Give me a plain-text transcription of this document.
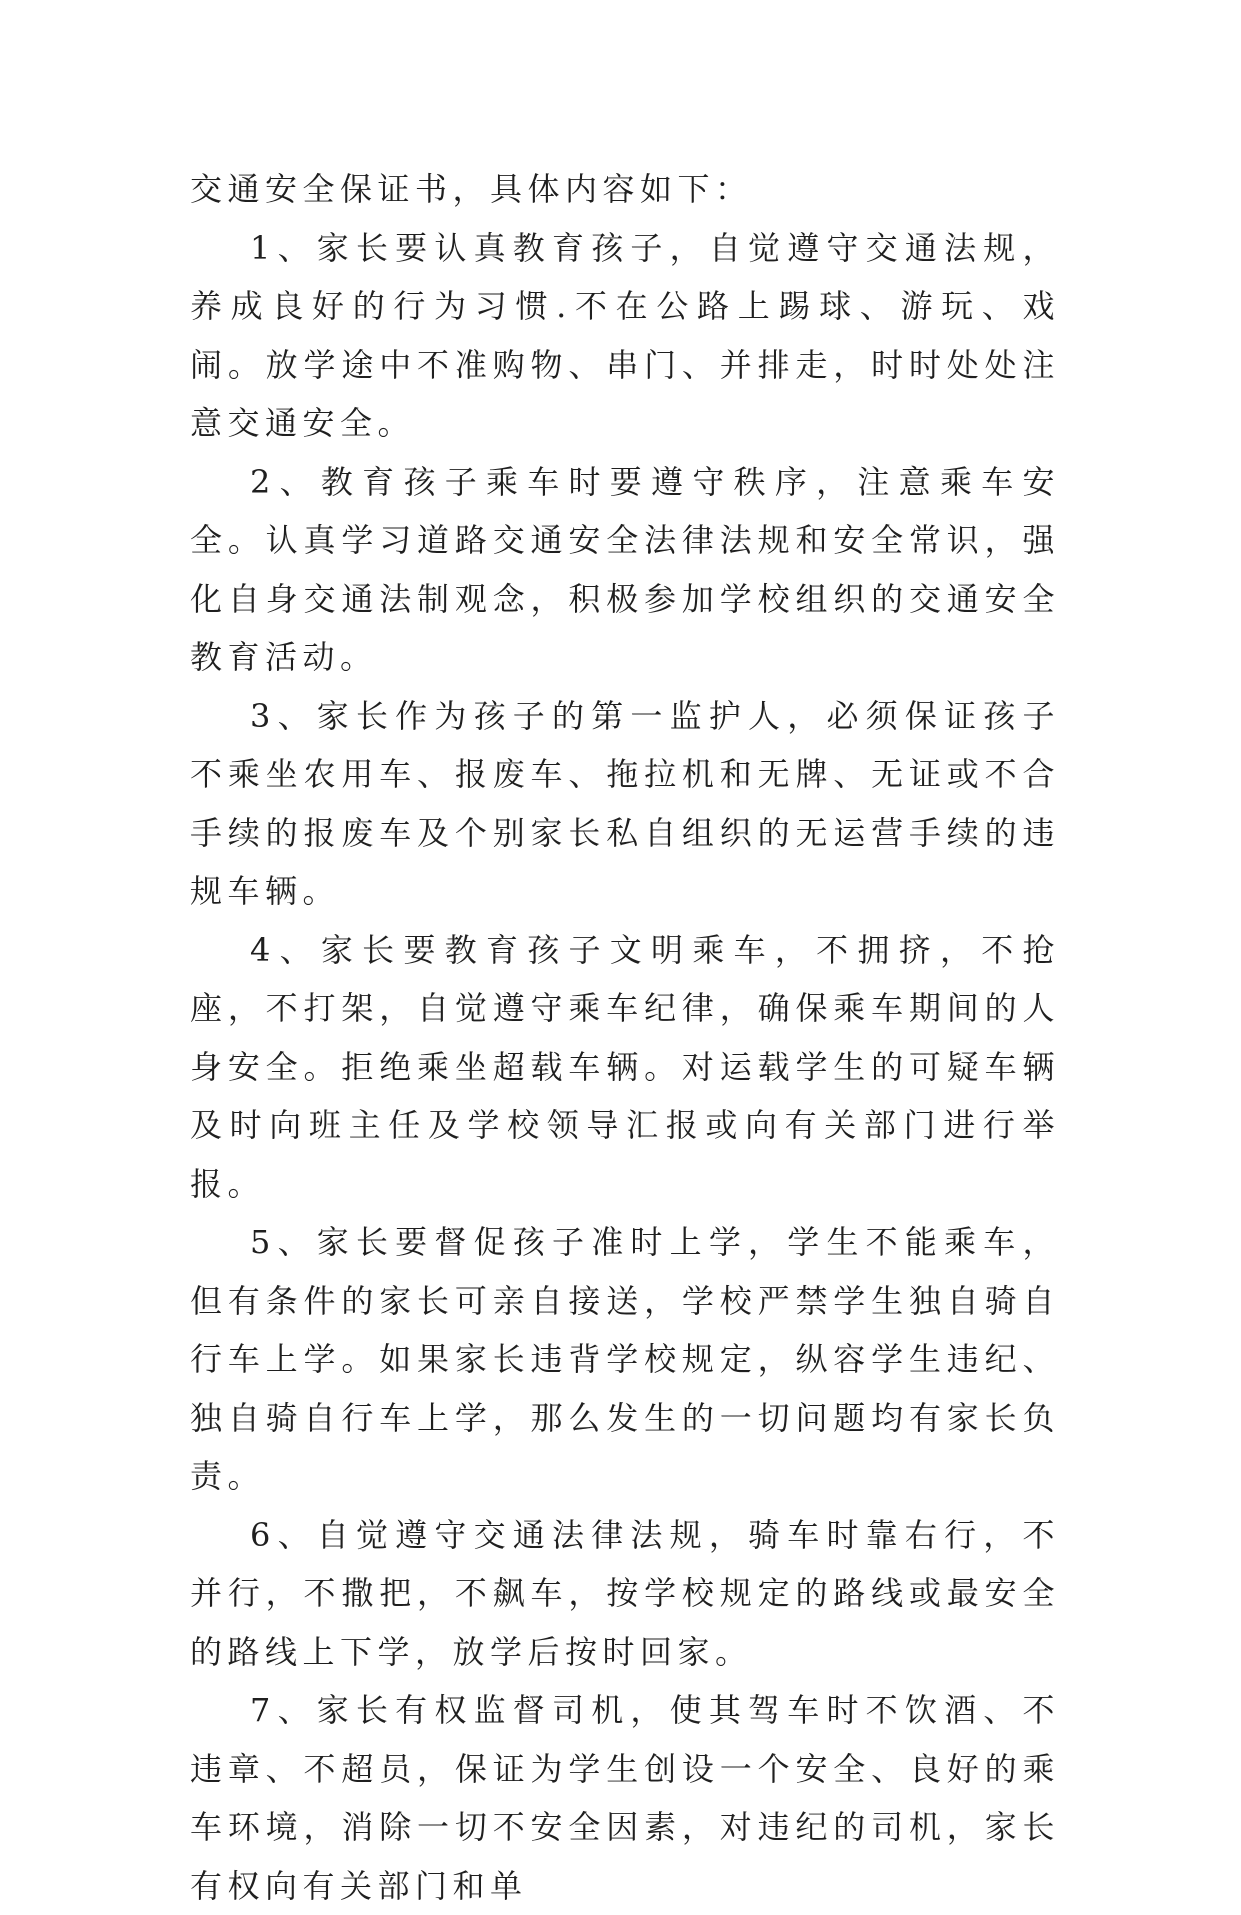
交通安全保证书，具体内容如下：

1、家长要认真教育孩子，自觉遵守交通法规，养成良好的行为习惯.不在公路上踢球、游玩、戏闹。放学途中不准购物、串门、并排走，时时处处注意交通安全。

2、教育孩子乘车时要遵守秩序，注意乘车安全。认真学习道路交通安全法律法规和安全常识，强化自身交通法制观念，积极参加学校组织的交通安全教育活动。

3、家长作为孩子的第一监护人，必须保证孩子不乘坐农用车、报废车、拖拉机和无牌、无证或不合手续的报废车及个别家长私自组织的无运营手续的违规车辆。

4、家长要教育孩子文明乘车，不拥挤，不抢座，不打架，自觉遵守乘车纪律，确保乘车期间的人身安全。拒绝乘坐超载车辆。对运载学生的可疑车辆及时向班主任及学校领导汇报或向有关部门进行举报。

5、家长要督促孩子准时上学，学生不能乘车，但有条件的家长可亲自接送，学校严禁学生独自骑自行车上学。如果家长违背学校规定，纵容学生违纪、独自骑自行车上学，那么发生的一切问题均有家长负责。

6、自觉遵守交通法律法规，骑车时靠右行，不并行，不撒把，不飙车，按学校规定的路线或最安全的路线上下学，放学后按时回家。

7、家长有权监督司机，使其驾车时不饮酒、不违章、不超员，保证为学生创设一个安全、良好的乘车环境，消除一切不安全因素，对违纪的司机，家长有权向有关部门和单
